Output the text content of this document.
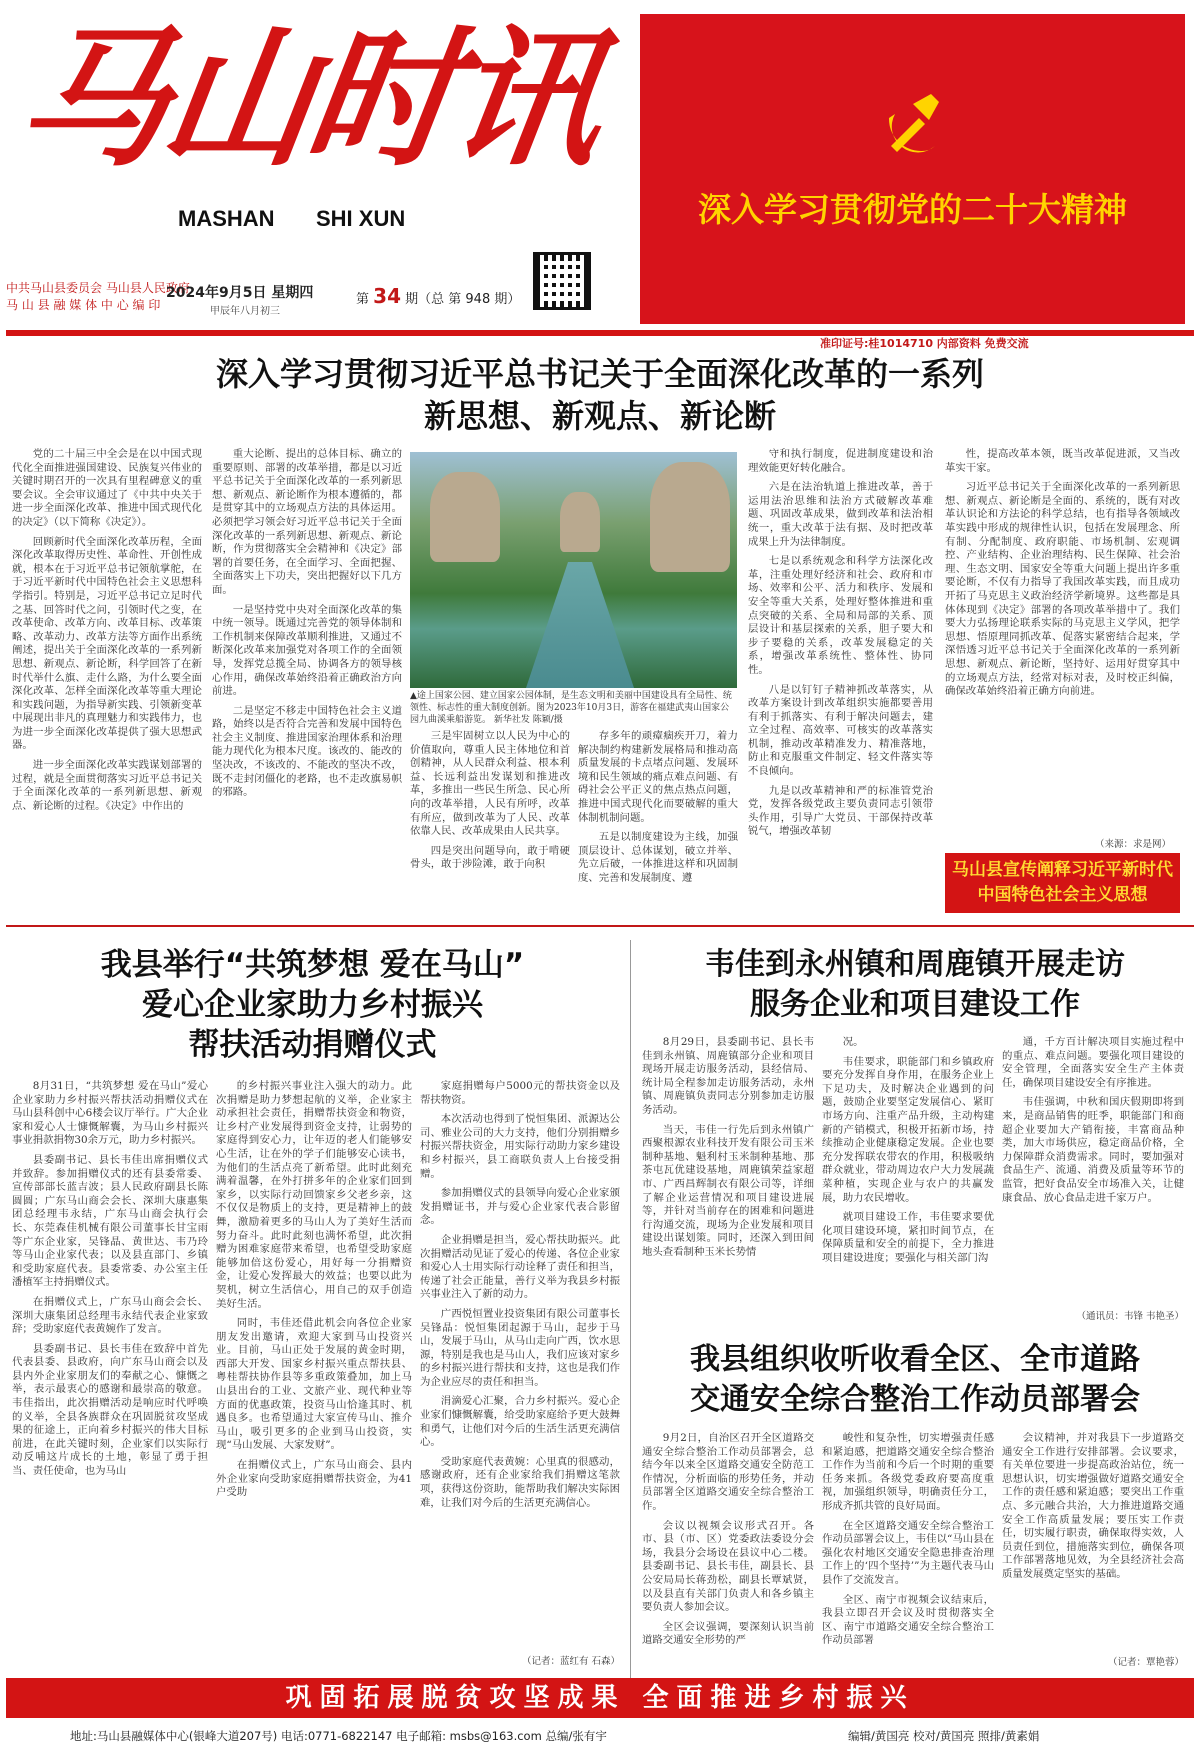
马山时讯
MASHAN SHI XUN	深入学习贯彻党的二十大精神
中共马山县委员会 马山县人民政府
马 山 县 融 媒 体 中 心 编 印
2024年9月5日 星期四
甲辰年八月初三
第 34 期（总 第 948 期）
准印证号:桂1014710 内部资料 免费交流
深入学习贯彻习近平总书记关于全面深化改革的一系列
新思想、新观点、新论断

党的二十届三中全会是在以中国式现代化全面推进强国建设、民族复兴伟业的关键时期召开的一次具有里程碑意义的重要会议。全会审议通过了《中共中央关于进一步全面深化改革、推进中国式现代化的决定》（以下简称《决定》）。

回顾新时代全面深化改革历程，全面深化改革取得历史性、革命性、开创性成就，根本在于习近平总书记领航掌舵，在于习近平新时代中国特色社会主义思想科学指引。特别是，习近平总书记立足时代之基、回答时代之问，引领时代之变，在改革使命、改革方向、改革目标、改革策略、改革动力、改革方法等方面作出系统阐述，提出关于全面深化改革的一系列新思想、新观点、新论断，科学回答了在新时代举什么旗、走什么路，为什么要全面深化改革、怎样全面深化改革等重大理论和实践问题，为指导新实践、引领新变革中展现出非凡的真理魅力和实践伟力，也为进一步全面深化改革提供了强大思想武器。

进一步全面深化改革实践谋划部署的过程，就是全面贯彻落实习近平总书记关于全面深化改革的一系列新思想、新观点、新论断的过程。《决定》中作出的

重大论断、提出的总体目标、确立的重要原则、部署的改革举措，都是以习近平总书记关于全面深化改革的一系列新思想、新观点、新论断作为根本遵循的，都是贯穿其中的立场观点方法的具体运用。必须把学习领会好习近平总书记关于全面深化改革的一系列新思想、新观点、新论断，作为贯彻落实全会精神和《决定》部署的首要任务，在全面学习、全面把握、全面落实上下功夫，突出把握好以下几方面。

一是坚持党中央对全面深化改革的集中统一领导。既通过完善党的领导体制和工作机制来保障改革顺利推进，又通过不断深化改革来加强党对各项工作的全面领导，发挥党总揽全局、协调各方的领导核心作用，确保改革始终沿着正确政治方向前进。

二是坚定不移走中国特色社会主义道路，始终以是否符合完善和发展中国特色社会主义制度、推进国家治理体系和治理能力现代化为根本尺度。该改的、能改的坚决改，不该改的、不能改的坚决不改，既不走封闭僵化的老路，也不走改旗易帜的邪路。

▲途上国家公园、建立国家公园体制，是生态文明和美丽中国建设具有全局性、统领性、标志性的重大制度创新。图为2023年10月3日，游客在福建武夷山国家公园九曲溪乘船游览。 新华社发 陈颖/摄

三是牢固树立以人民为中心的价值取向，尊重人民主体地位和首创精神，从人民群众利益、根本利益、长远利益出发谋划和推进改革，多推出一些民生所急、民心所向的改革举措，人民有所呼，改革有所应，做到改革为了人民、改革依靠人民、改革成果由人民共享。

四是突出问题导向，敢于啃硬骨头，敢于涉险滩，敢于向积

存多年的顽瘴痼疾开刀，着力解决制约构建新发展格局和推动高质量发展的卡点堵点问题、发展环境和民生领域的痛点难点问题、有碍社会公平正义的焦点热点问题，推进中国式现代化而要破解的重大体制机制问题。

五是以制度建设为主线，加强顶层设计、总体谋划，破立并举、先立后破，一体推进这样和巩固制度、完善和发展制度、遵

守和执行制度，促进制度建设和治理效能更好转化融合。

六是在法治轨道上推进改革，善于运用法治思维和法治方式破解改革难题、巩固改革成果，做到改革和法治相统一，重大改革于法有据、及时把改革成果上升为法律制度。

七是以系统观念和科学方法深化改革，注重处理好经济和社会、政府和市场、效率和公平、活力和秩序、发展和安全等重大关系，处理好整体推进和重点突破的关系、全局和局部的关系、顶层设计和基层探索的关系，胆子要大和步子要稳的关系，改革发展稳定的关系，增强改革系统性、整体性、协同性。

八是以钉钉子精神抓改革落实，从改革方案设计到改革组织实施都要善用有利于抓落实、有利于解决问题去，建立全过程、高效率、可核实的改革落实机制，推动改革精准发力、精准落地，防止和克服重文件制定、轻文件落实等不良倾向。

九是以改革精神和严的标准管党治党，发挥各级党政主要负责同志引领带头作用，引导广大党员、干部保持改革锐气，增强改革韧

性，提高改革本领，既当改革促进派，又当改革实干家。

习近平总书记关于全面深化改革的一系列新思想、新观点、新论断是全面的、系统的，既有对改革认识论和方法论的科学总结，也有指导各领域改革实践中形成的规律性认识，包括在发展理念、所有制、分配制度、政府职能、市场机制、宏观调控、产业结构、企业治理结构、民生保障、社会治理、生态文明、国家安全等重大问题上提出许多重要论断，不仅有力指导了我国改革实践，而且成功开拓了马克思主义政治经济学新境界。这些都是具体体现到《决定》部署的各项改革举措中了。我们要大力弘扬理论联系实际的马克思主义学风，把学思想、悟原理同抓改革、促落实紧密结合起来，学深悟透习近平总书记关于全面深化改革的一系列新思想、新观点、新论断，坚持好、运用好贯穿其中的立场观点方法，经常对标对表，及时校正纠偏，确保改革始终沿着正确方向前进。

（来源：求是网）
马山县宣传阐释习近平新时代
中国特色社会主义思想
我县举行“共筑梦想 爱在马山”
爱心企业家助力乡村振兴
帮扶活动捐赠仪式

8月31日，“共筑梦想 爱在马山”爱心企业家助力乡村振兴帮扶活动捐赠仪式在马山县科创中心6楼会议厅举行。广大企业家和爱心人士慷慨解囊，为马山乡村振兴事业捐款捐物30余万元，助力乡村振兴。

县委副书记、县长韦佳出席捐赠仪式并致辞。参加捐赠仪式的还有县委常委、宣传部部长蓝吉波；县人民政府副县长陈圆圆；广东马山商会会长、深圳大康惠集团总经理韦永结，广东马山商会执行会长、东莞森佳机械有限公司董事长甘宝雨等广东企业家，吴锋晶、黄世达、韦乃玲等马山企业家代表；以及县直部门、乡镇和受助家庭代表。县委常委、办公室主任潘植军主持捐赠仪式。

在捐赠仪式上，广东马山商会会长、深圳大康集团总经理韦永结代表企业家致辞；受助家庭代表黄婉作了发言。

县委副书记、县长韦佳在致辞中首先代表县委、县政府，向广东马山商会以及县内外企业家朋友们的奉献之心、慷慨之举，表示最衷心的感谢和最崇高的敬意。韦佳指出，此次捐赠活动是响应时代呼唤的义举，全县各族群众在巩固脱贫攻坚成果的征途上，正向着乡村振兴的伟大目标前进，在此关键时刻，企业家们以实际行动反哺这片成长的土地，彰显了勇于担当、责任使命，也为马山

的乡村振兴事业注入强大的动力。此次捐赠是助力梦想起航的义举，企业家主动承担社会责任，捐赠帮扶资金和物资，让乡村产业发展得到资金支持，让弱势的家庭得到安心力，让年迈的老人们能够安心生活，让在外的学子们能够安心读书，为他们的生活点亮了新希望。此时此刻充满着温馨，在外打拼多年的企业家们回到家乡，以实际行动回馈家乡父老乡亲，这不仅仅是物质上的支持，更是精神上的鼓舞，激励着更多的马山人为了美好生活而努力奋斗。此时此刻也满怀希望，此次捐赠为困难家庭带来希望，也希望受助家庭能够加倍这份爱心，用好每一分捐赠资金，让爱心发挥最大的效益；也要以此为契机，树立生活信心，用自己的双手创造美好生活。

同时，韦佳还借此机会向各位企业家朋友发出邀请，欢迎大家到马山投资兴业。目前，马山正处于发展的黄金时期，西部大开发、国家乡村振兴重点帮扶县、粤桂帮扶协作县等多重政策叠加，加上马山县出台的工业、文旅产业、现代种业等方面的优惠政策，投资马山恰逢其时、机遇良多。也希望通过大家宣传马山、推介马山，吸引更多的企业到马山投资，实现“马山发展、大家发财”。

在捐赠仪式上，广东马山商会、县内外企业家向受助家庭捐赠帮扶资金，为41户受助

家庭捐赠每户5000元的帮扶资金以及帮扶物资。

本次活动也得到了悦恒集团、派源达公司、雅业公司的大力支持，他们分别捐赠乡村振兴帮扶资金，用实际行动助力家乡建设和乡村振兴，县工商联负责人上台接受捐赠。

参加捐赠仪式的县领导向爱心企业家颁发捐赠证书，并与爱心企业家代表合影留念。

企业捐赠是担当，爱心帮扶助振兴。此次捐赠活动见证了爱心的传递、各位企业家和爱心人士用实际行动诠释了责任和担当，传递了社会正能量，善行义举为我县乡村振兴事业注入了新的动力。

广西悦恒置业投资集团有限公司董事长吴锋晶：悦恒集团起源于马山，起步于马山，发展于马山，从马山走向广西，饮水思源，特别是我也是马山人，我们应该对家乡的乡村振兴进行帮扶和支持，这也是我们作为企业应尽的责任和担当。

涓滴爱心汇聚，合力乡村振兴。爱心企业家们慷慨解囊，给受助家庭给予更大鼓舞和勇气，让他们对今后的生活生活更充满信心。

受助家庭代表黄婉：心里真的很感动，感谢政府，还有企业家给我们捐赠这笔款项，获得这份资助，能帮助我们解决实际困难，让我们对今后的生活更充满信心。

（记者：蓝红有 石森）
韦佳到永州镇和周鹿镇开展走访
服务企业和项目建设工作

8月29日，县委副书记、县长韦佳到永州镇、周鹿镇部分企业和项目现场开展走访服务活动，县经信局、统计局全程参加走访服务活动，永州镇、周鹿镇负责同志分别参加走访服务活动。

当天，韦佳一行先后到永州镇广西聚根源农业科技开发有限公司玉米制种基地、魁利村玉米制种基地、那茶屯瓦优建设基地，周鹿镇荣益家超市、广西昌辉制衣有限公司等，详细了解企业运营情况和项目建设进展等，并针对当前存在的困难和问题进行沟通交流，现场为企业发展和项目建设出谋划策。同时，还深入到田间地头查看制种玉米长势情

况。

韦佳要求，职能部门和乡镇政府要充分发挥自身作用，在服务企业上下足功夫，及时解决企业遇到的问题，鼓励企业要坚定发展信心、紧盯市场方向、注重产品升级，主动构建新的产销模式，积极开拓新市场，持续推动企业健康稳定发展。企业也要充分发挥联农带农的作用，积极吸纳群众就业，带动周边农户大力发展蔬菜种植，实现企业与农户的共赢发展，助力农民增收。

就项目建设工作，韦佳要求要优化项目建设环境，紧扣时间节点，在保障质量和安全的前提下，全力推进项目建设进度；要强化与相关部门沟

通，千方百计解决项目实施过程中的重点、难点问题。要强化项目建设的安全管理，全面落实安全生产主体责任，确保项目建设安全有序推进。

韦佳强调，中秋和国庆假期即将到来，是商品销售的旺季，职能部门和商超企业要加大产销衔接，丰富商品种类，加大市场供应，稳定商品价格，全力保障群众消费需求。同时，要加强对食品生产、流通、消费及质量等环节的监管，把好食品安全市场准入关，让健康食品、放心食品走进千家万户。

（通讯员：韦锋 韦艳圣）
我县组织收听收看全区、全市道路
交通安全综合整治工作动员部署会

9月2日，自治区召开全区道路交通安全综合整治工作动员部署会，总结今年以来全区道路交通安全防范工作情况，分析面临的形势任务，并动员部署全区道路交通安全综合整治工作。

会议以视频会议形式召开。各市、县（市、区）党委政法委设分会场，我县分会场设在县议中心二楼。县委副书记、县长韦佳，副县长、县公安局局长蒋劲松，副县长覃斌贤，以及县直有关部门负责人和各乡镇主要负责人参加会议。

全区会议强调，要深刻认识当前道路交通安全形势的严

峻性和复杂性，切实增强责任感和紧迫感，把道路交通安全综合整治工作作为当前和今后一个时期的重要任务来抓。各级党委政府要高度重视，加强组织领导，明确责任分工，形成齐抓共管的良好局面。

在全区道路交通安全综合整治工作动员部署会议上，韦佳以“马山县在强化农村地区交通安全隐患排查治理工作上的‘四个坚持’”为主题代表马山县作了交流发言。

全区、南宁市视频会议结束后，我县立即召开会议及时贯彻落实全区、南宁市道路交通安全综合整治工作动员部署

会议精神，并对我县下一步道路交通安全工作进行安排部署。会议要求，有关单位要进一步提高政治站位，统一思想认识，切实增强做好道路交通安全工作的责任感和紧迫感；要突出工作重点、多元融合共治，大力推进道路交通安全工作高质量发展；要压实工作责任，切实履行职责，确保取得实效，人员责任到位，措施落实到位，确保各项工作部署落地见效，为全县经济社会高质量发展奠定坚实的基础。

（记者：覃艳蓉）
巩固拓展脱贫攻坚成果 全面推进乡村振兴
地址:马山县融媒体中心(银峰大道207号) 电话:0771-6822147 电子邮箱: msbs@163.com 总编/张有宇	编辑/黄国亮 校对/黄国亮 照排/黄素娟
